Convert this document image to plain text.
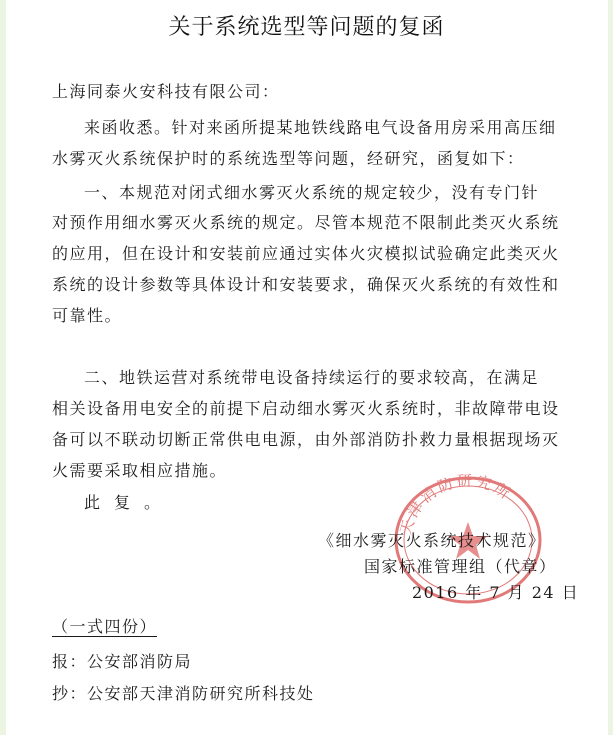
关于系统选型等问题的复函
上海同泰火安科技有限公司：
来函收悉。针对来函所提某地铁线路电气设备用房采用高压细
水雾灭火系统保护时的系统选型等问题，经研究，函复如下：
一、本规范对闭式细水雾灭火系统的规定较少，没有专门针
对预作用细水雾灭火系统的规定。尽管本规范不限制此类灭火系统
的应用，但在设计和安装前应通过实体火灾模拟试验确定此类灭火
系统的设计参数等具体设计和安装要求，确保灭火系统的有效性和
可靠性。
二、地铁运营对系统带电设备持续运行的要求较高，在满足
相关设备用电安全的前提下启动细水雾灭火系统时，非故障带电设
备可以不联动切断正常供电电源，由外部消防扑救力量根据现场灭
火需要采取相应措施。
此复。
天津消防研究所
《细水雾灭火系统技术规范》
国家标准管理组（代章）
2016 年 7 月 24 日
（一式四份）
报：公安部消防局
抄：公安部天津消防研究所科技处
